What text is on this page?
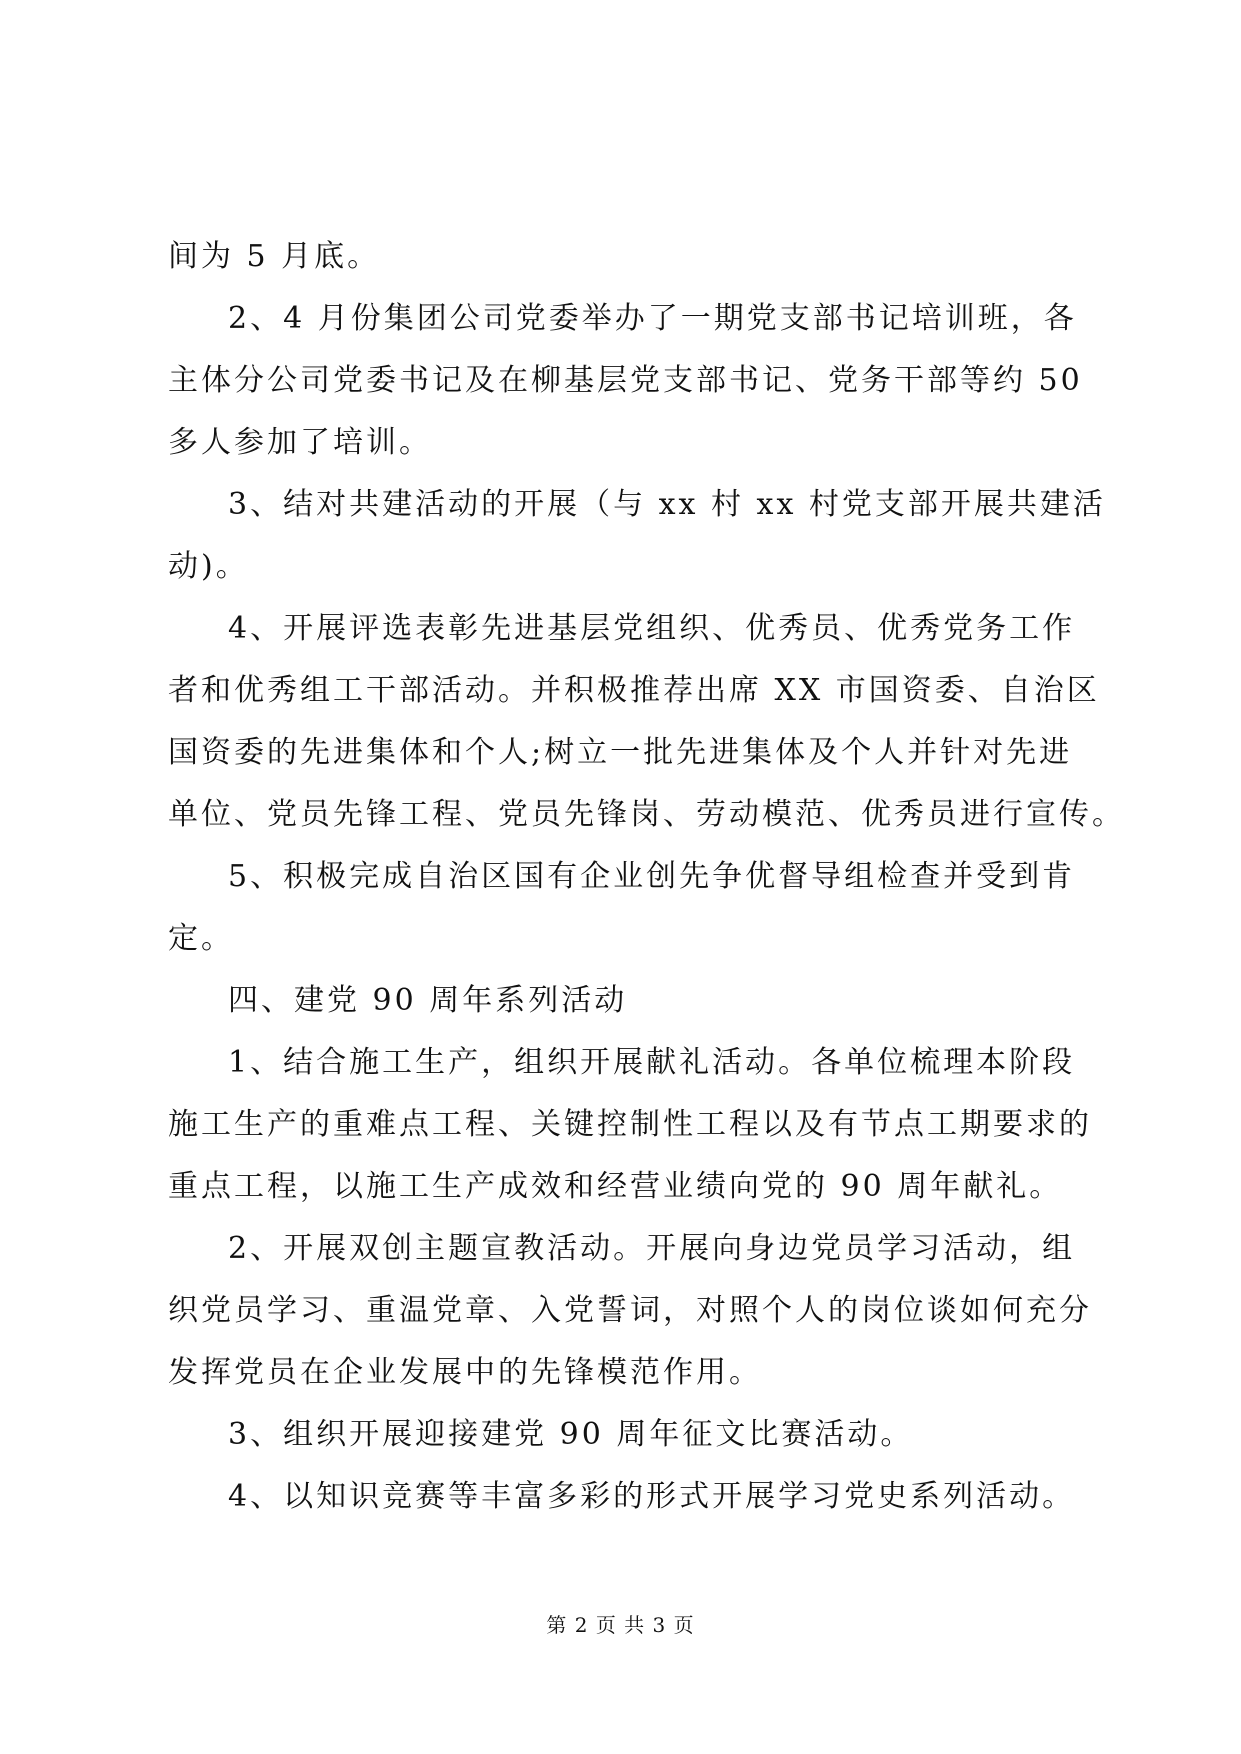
间为 5 月底。
2、4 月份集团公司党委举办了一期党支部书记培训班，各
主体分公司党委书记及在柳基层党支部书记、党务干部等约 50
多人参加了培训。
3、结对共建活动的开展（与 xx 村 xx 村党支部开展共建活
动)。
4、开展评选表彰先进基层党组织、优秀员、优秀党务工作
者和优秀组工干部活动。并积极推荐出席 XX 市国资委、自治区
国资委的先进集体和个人;树立一批先进集体及个人并针对先进
单位、党员先锋工程、党员先锋岗、劳动模范、优秀员进行宣传。
5、积极完成自治区国有企业创先争优督导组检查并受到肯
定。
四、建党 90 周年系列活动
1、结合施工生产，组织开展献礼活动。各单位梳理本阶段
施工生产的重难点工程、关键控制性工程以及有节点工期要求的
重点工程，以施工生产成效和经营业绩向党的 90 周年献礼。
2、开展双创主题宣教活动。开展向身边党员学习活动，组
织党员学习、重温党章、入党誓词，对照个人的岗位谈如何充分
发挥党员在企业发展中的先锋模范作用。
3、组织开展迎接建党 90 周年征文比赛活动。
4、以知识竞赛等丰富多彩的形式开展学习党史系列活动。
第 2 页 共 3 页
